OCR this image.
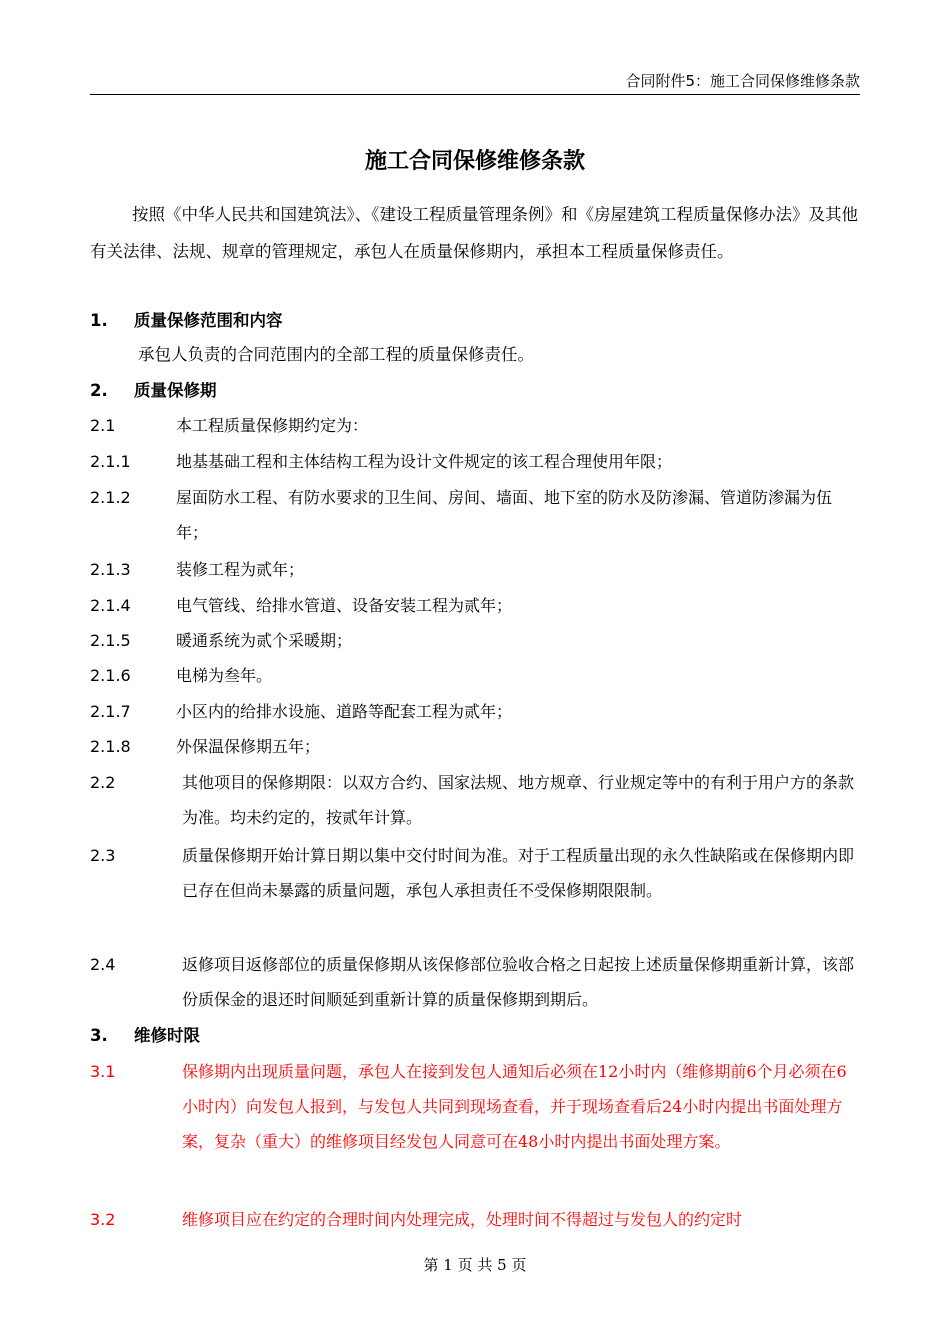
合同附件5：施工合同保修维修条款
施工合同保修维修条款
按照《中华人民共和国建筑法》、《建设工程质量管理条例》和《房屋建筑工程质量保修办法》及其他有关法律、法规、规章的管理规定，承包人在质量保修期内，承担本工程质量保修责任。
1. 质量保修范围和内容
承包人负责的合同范围内的全部工程的质量保修责任。
2. 质量保修期
2.1	本工程质量保修期约定为：
2.1.1	地基基础工程和主体结构工程为设计文件规定的该工程合理使用年限；
2.1.2	屋面防水工程、有防水要求的卫生间、房间、墙面、地下室的防水及防渗漏、管道防渗漏为伍年；
2.1.3	装修工程为贰年；
2.1.4	电气管线、给排水管道、设备安装工程为贰年；
2.1.5	暖通系统为贰个采暖期；
2.1.6	电梯为叁年。
2.1.7	小区内的给排水设施、道路等配套工程为贰年；
2.1.8	外保温保修期五年；
2.2	其他项目的保修期限：以双方合约、国家法规、地方规章、行业规定等中的有利于用户方的条款为准。均未约定的，按贰年计算。
2.3	质量保修期开始计算日期以集中交付时间为准。对于工程质量出现的永久性缺陷或在保修期内即已存在但尚未暴露的质量问题，承包人承担责任不受保修期限限制。
2.4	返修项目返修部位的质量保修期从该保修部位验收合格之日起按上述质量保修期重新计算，该部份质保金的退还时间顺延到重新计算的质量保修期到期后。
3. 维修时限
3.1	保修期内出现质量问题，承包人在接到发包人通知后必须在12小时内（维修期前6个月必须在6小时内）向发包人报到，与发包人共同到现场查看，并于现场查看后24小时内提出书面处理方案，复杂（重大）的维修项目经发包人同意可在48小时内提出书面处理方案。
3.2	维修项目应在约定的合理时间内处理完成，处理时间不得超过与发包人的约定时
第 1 页 共 5 页
